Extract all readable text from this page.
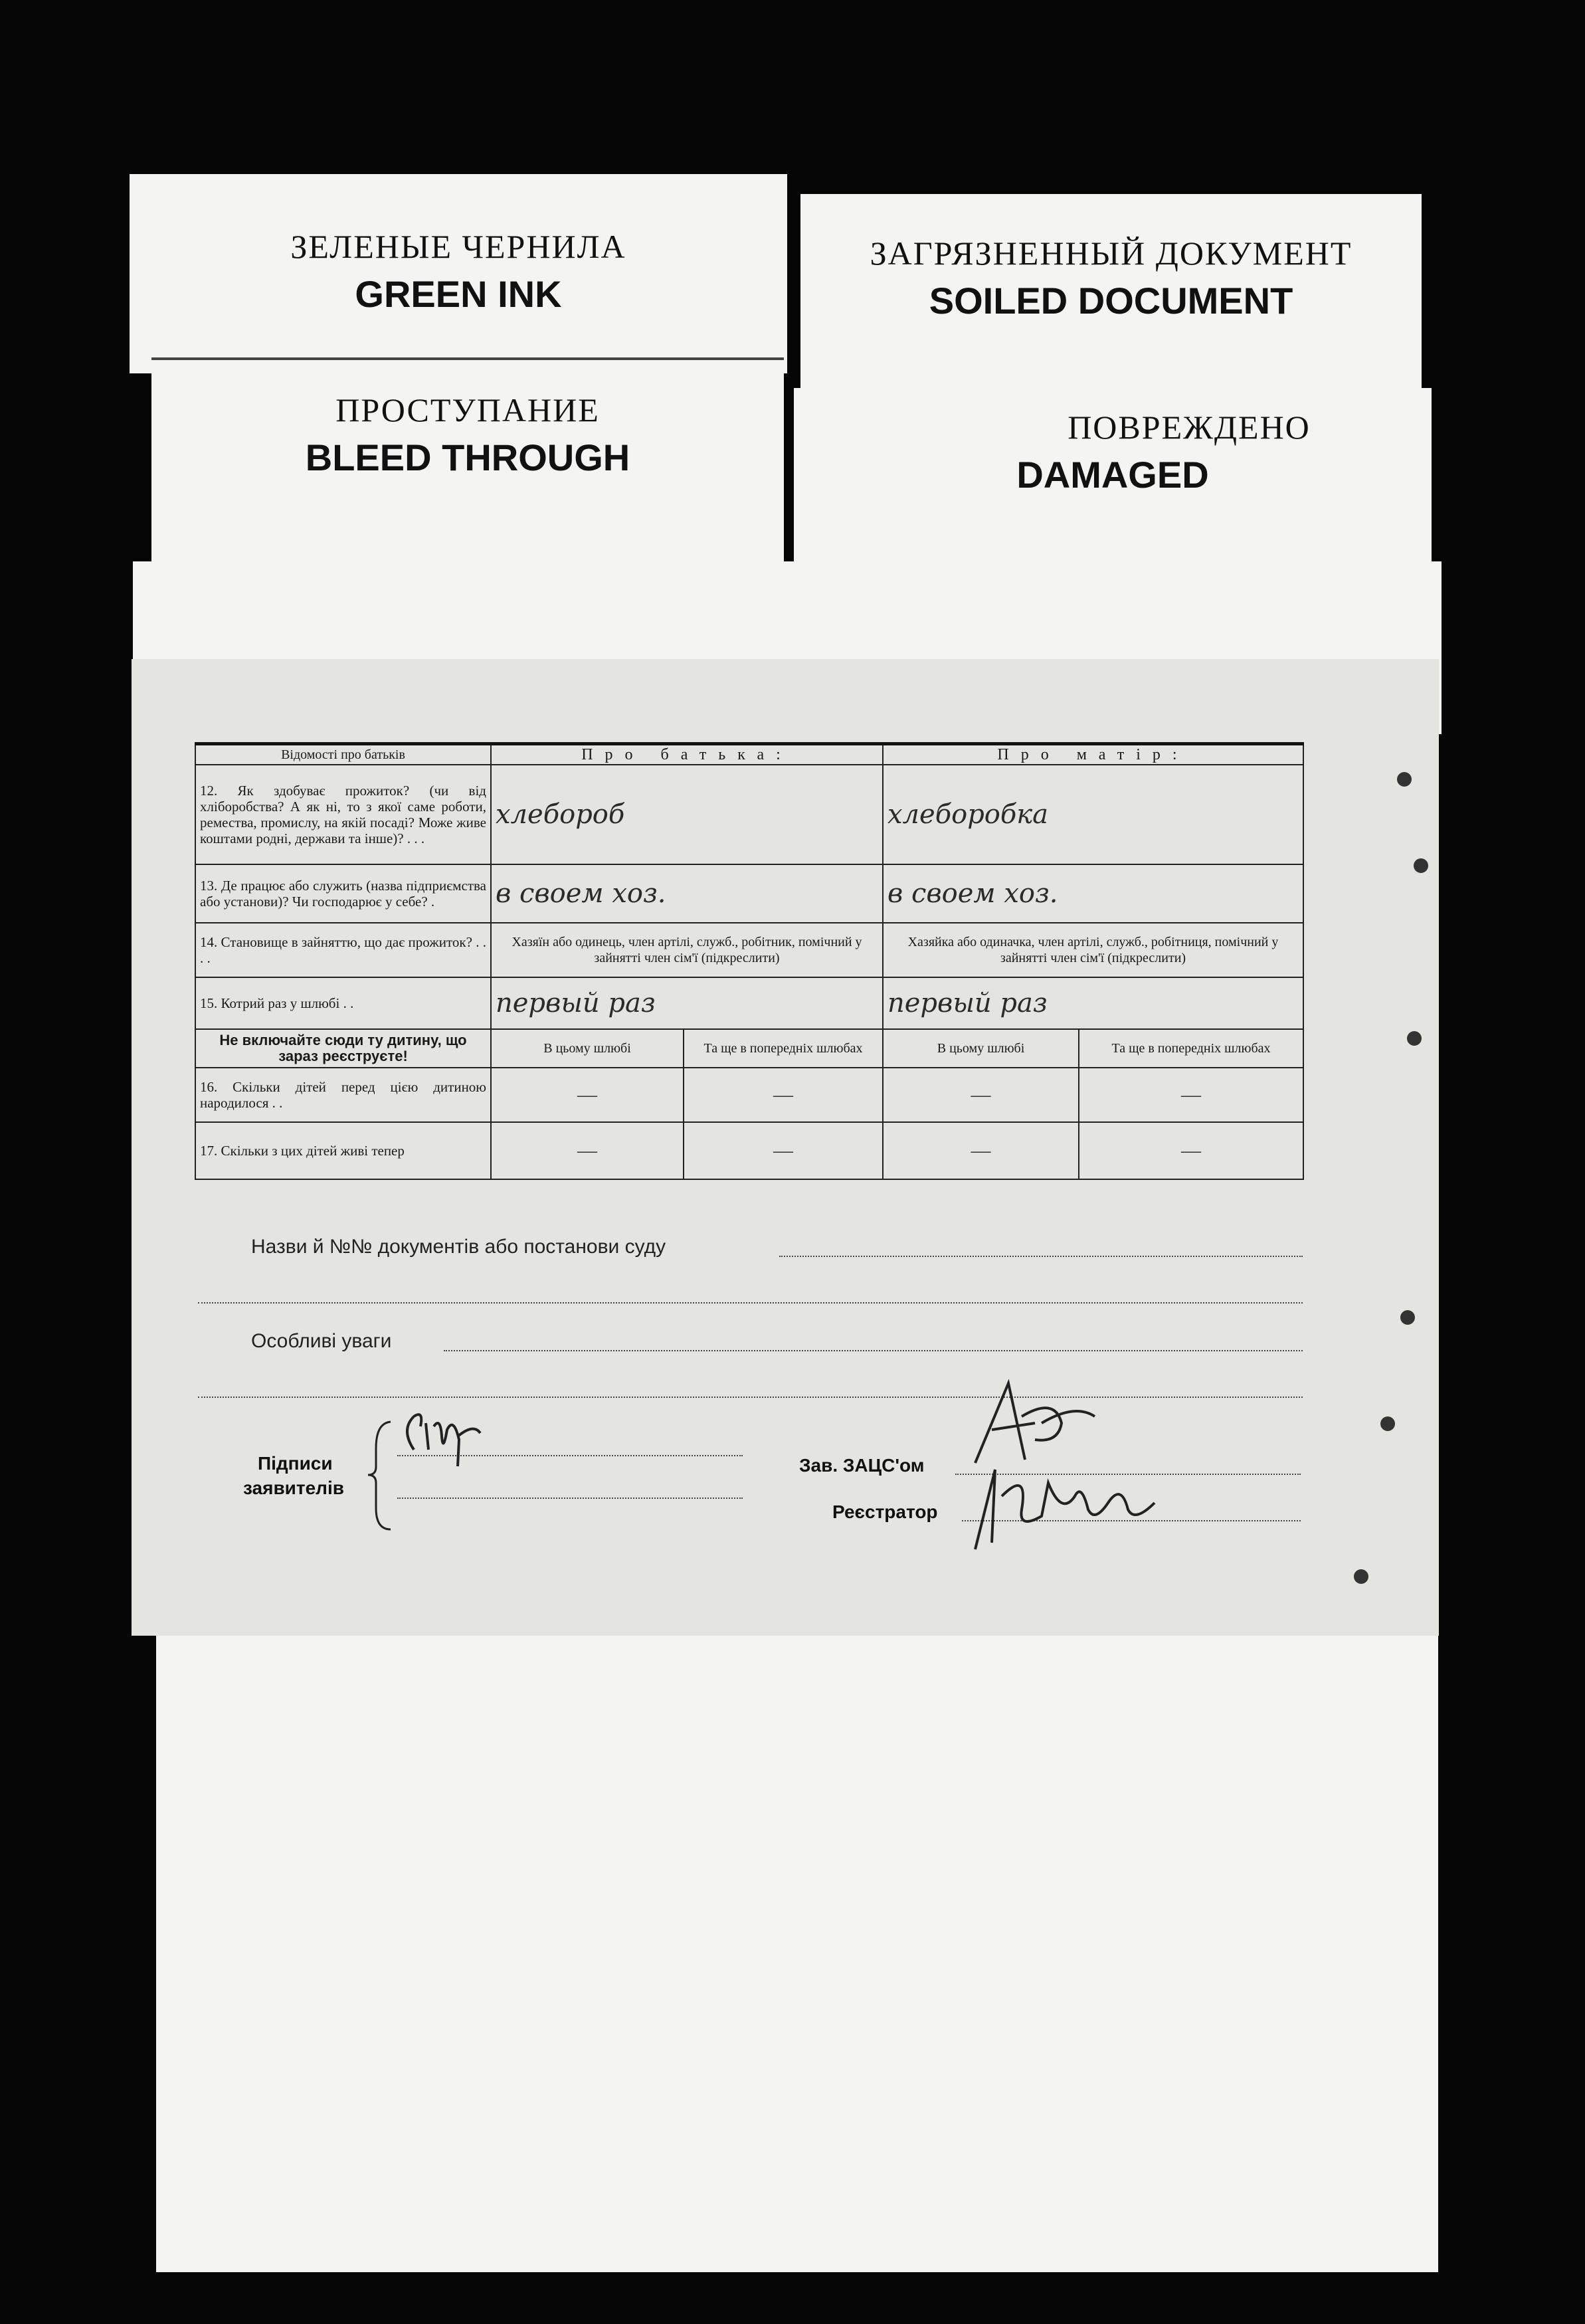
ЗЕЛЕНЫЕ ЧЕРНИЛА
GREEN INK
ЗАГРЯЗНЕННЫЙ ДОКУМЕНТ
SOILED DOCUMENT
ПРОСТУПАНИЕ
BLEED THROUGH
ПОВРЕЖДЕНО
DAMAGED
Відомості про батьків	Про батька:		Про матір:	
12. Як здобуває прожиток? (чи від хліборобства? А як ні, то з якої саме роботи, ремества, промислу, на якій посаді? Може живе коштами родні, держави та інше)? . . .	хлебороб		хлеборобка	
13. Де працює або служить (назва підприємства або установи)? Чи господарює у себе? .	в своем хоз.		в своем хоз.	
14. Становище в зайняттю, що дає прожиток? . . . .	Хазяїн або одинець, член артілі, служб., робітник, помічний у зайнятті член сім'ї (підкреслити)		Хазяйка або одиначка, член артілі, служб., робітниця, помічний у зайнятті член сім'ї (підкреслити)	
15. Котрий раз у шлюбі . .	первый раз		первый раз	
Не включайте сюди ту дитину, що зараз реєструєте!	В цьому шлюбі	Та ще в попередніх шлюбах	В цьому шлюбі	Та ще в попередніх шлюбах
16. Скільки дітей перед цією дитиною народилося . .	—	—	—	—
17. Скільки з цих дітей живі тепер	—	—	—	—
Назви й №№ документів або постанови суду
Особливі уваги
Підписи
заявителів
Зав. ЗАЦС'ом
Реєстратор
